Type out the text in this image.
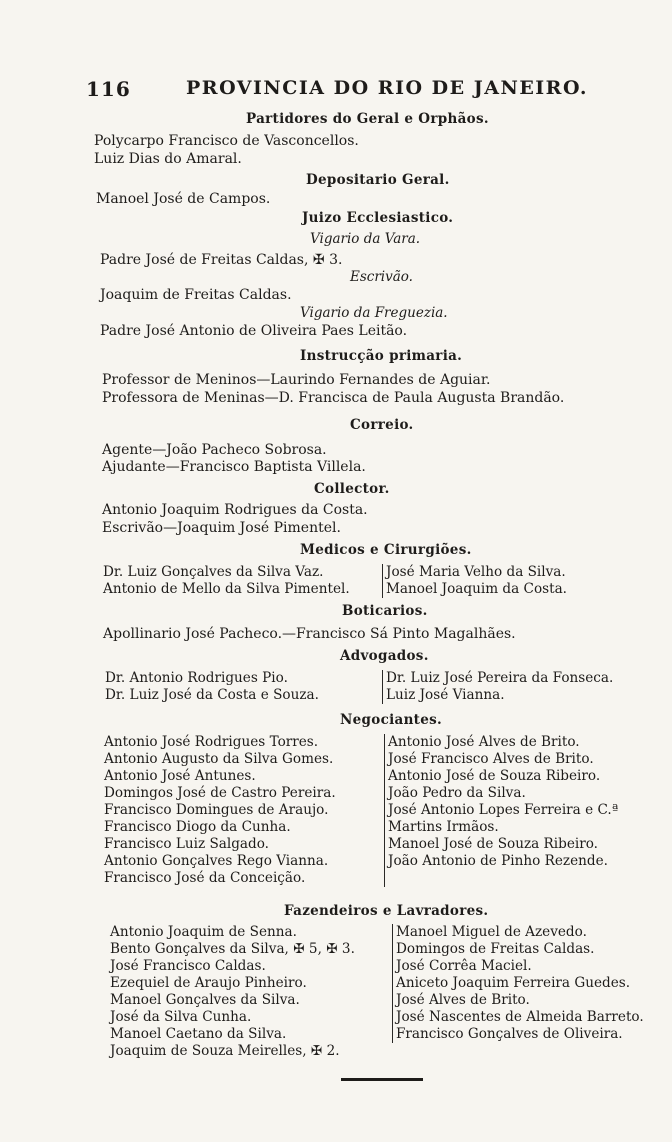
116	PROVINCIA DO RIO DE JANEIRO.
Partidores do Geral e Orphãos.
Polycarpo Francisco de Vasconcellos.
Luiz Dias do Amaral.
Depositario Geral.
Manoel José de Campos.
Juizo Ecclesiastico.
Vigario da Vara.
Padre José de Freitas Caldas, ✠ 3.
Escrivão.
Joaquim de Freitas Caldas.
Vigario da Freguezia.
Padre José Antonio de Oliveira Paes Leitão.
Instrucção primaria.
Professor de Meninos—Laurindo Fernandes de Aguiar.
Professora de Meninas—D. Francisca de Paula Augusta Brandão.
Correio.
Agente—João Pacheco Sobrosa.
Ajudante—Francisco Baptista Villela.
Collector.
Antonio Joaquim Rodrigues da Costa.
Escrivão—Joaquim José Pimentel.
Medicos e Cirurgiões.
Dr. Luiz Gonçalves da Silva Vaz.
Antonio de Mello da Silva Pimentel.
José Maria Velho da Silva.
Manoel Joaquim da Costa.
Boticarios.
Apollinario José Pacheco.—Francisco Sá Pinto Magalhães.
Advogados.
Dr. Antonio Rodrigues Pio.
Dr. Luiz José da Costa e Souza.
Dr. Luiz José Pereira da Fonseca.
Luiz José Vianna.
Negociantes.
Antonio José Rodrigues Torres.
Antonio Augusto da Silva Gomes.
Antonio José Antunes.
Domingos José de Castro Pereira.
Francisco Domingues de Araujo.
Francisco Diogo da Cunha.
Francisco Luiz Salgado.
Antonio Gonçalves Rego Vianna.
Francisco José da Conceição.
Antonio José Alves de Brito.
José Francisco Alves de Brito.
Antonio José de Souza Ribeiro.
João Pedro da Silva.
José Antonio Lopes Ferreira e C.ª
Martins Irmãos.
Manoel José de Souza Ribeiro.
João Antonio de Pinho Rezende.
Fazendeiros e Lavradores.
Antonio Joaquim de Senna.
Bento Gonçalves da Silva, ✠ 5, ✠ 3.
José Francisco Caldas.
Ezequiel de Araujo Pinheiro.
Manoel Gonçalves da Silva.
José da Silva Cunha.
Manoel Caetano da Silva.
Joaquim de Souza Meirelles, ✠ 2.
Manoel Miguel de Azevedo.
Domingos de Freitas Caldas.
José Corrêa Maciel.
Aniceto Joaquim Ferreira Guedes.
José Alves de Brito.
José Nascentes de Almeida Barreto.
Francisco Gonçalves de Oliveira.
